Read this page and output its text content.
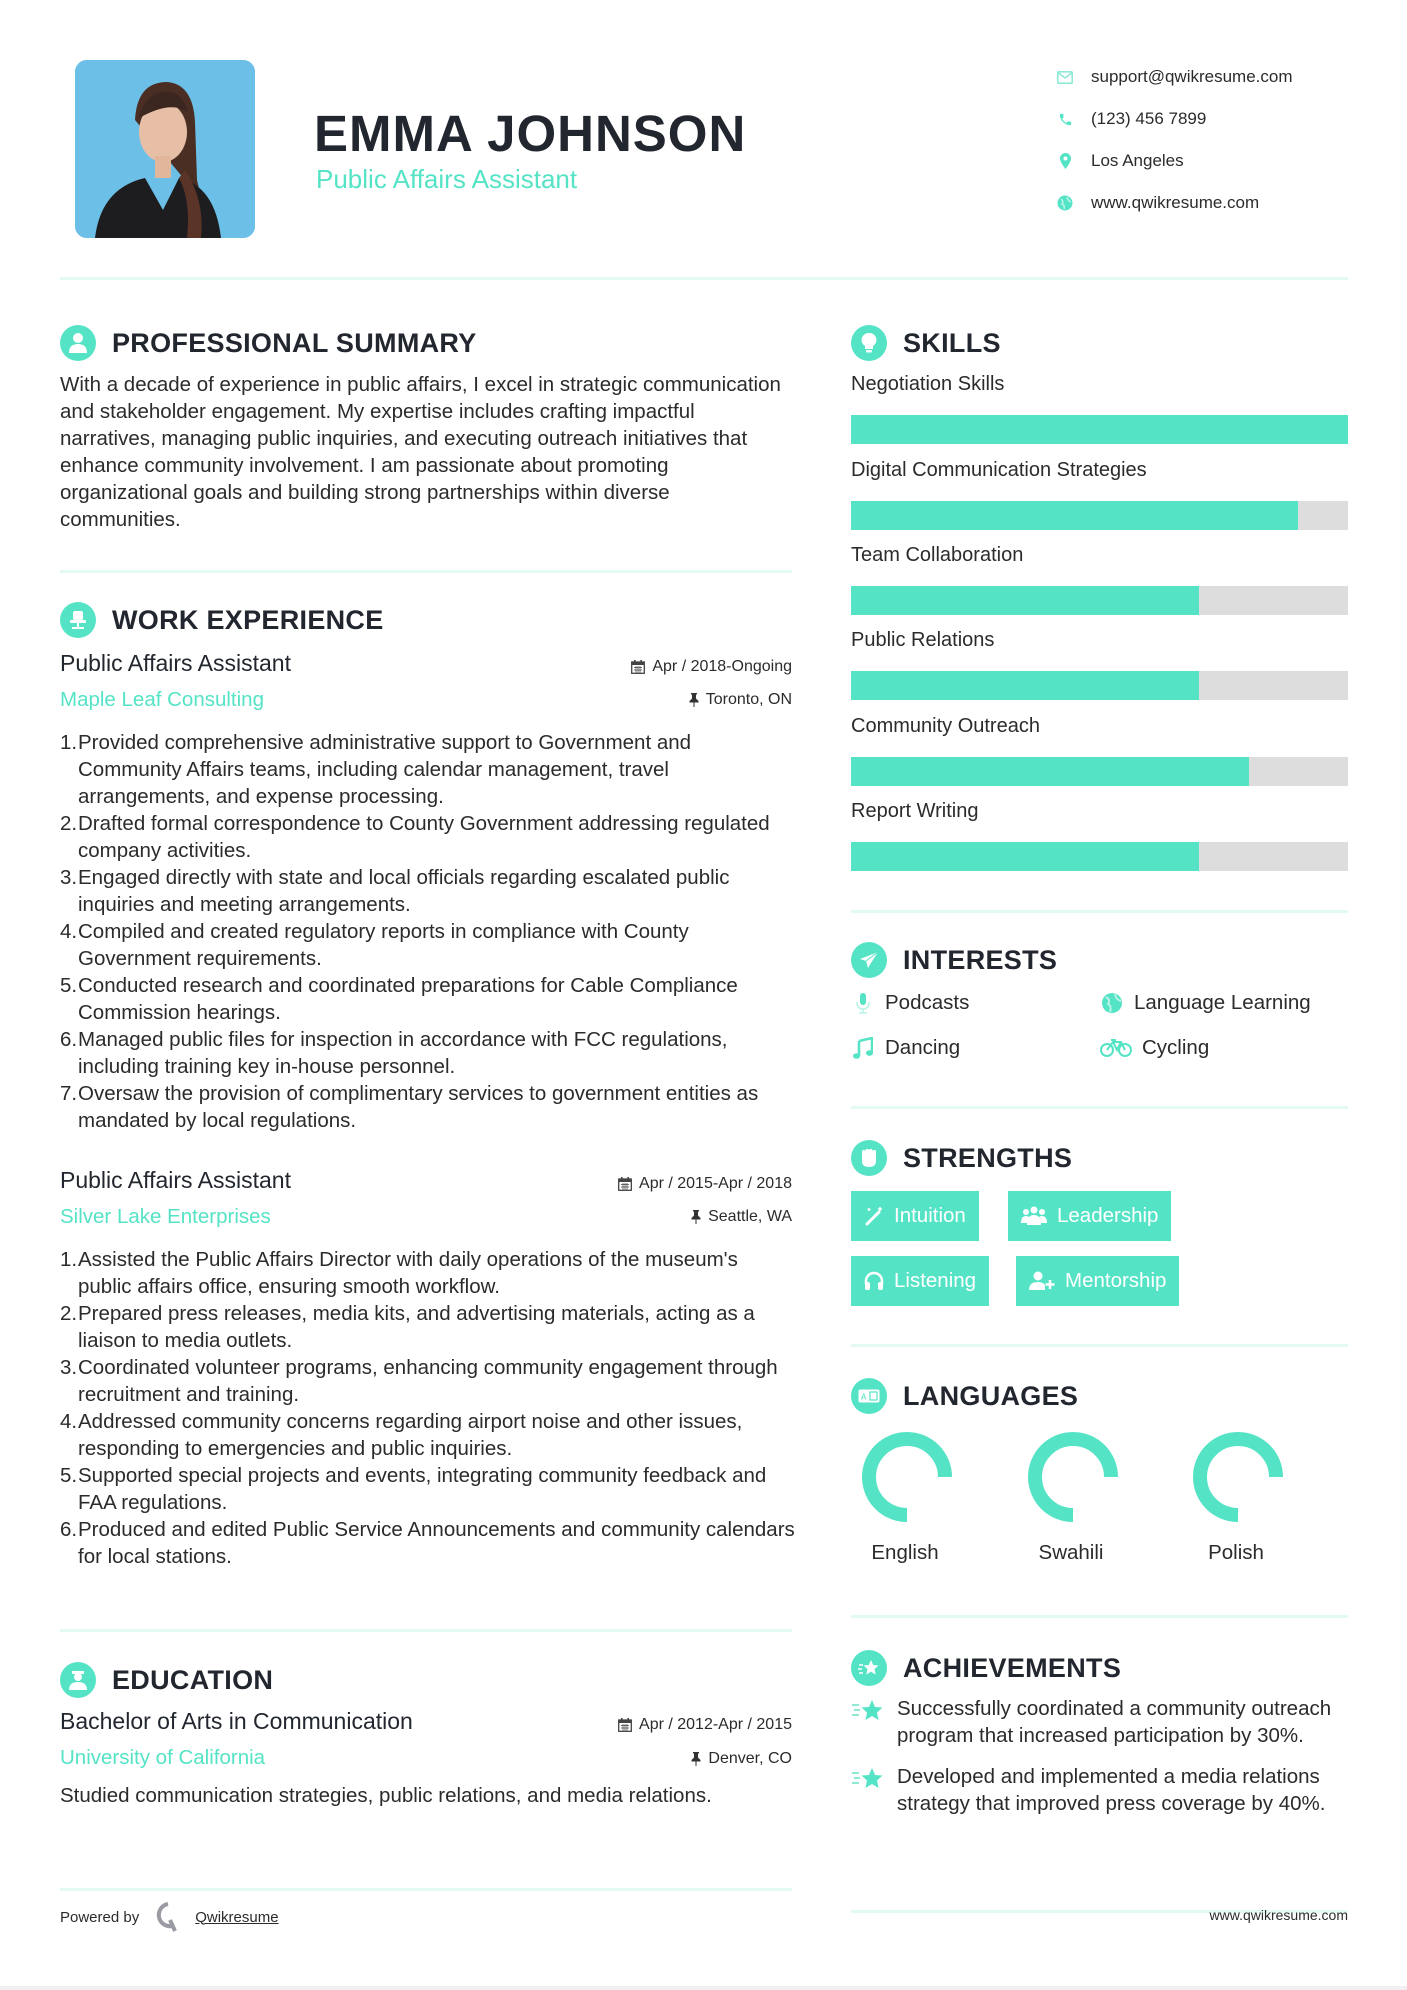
EMMA JOHNSON
Public Affairs Assistant
support@qwikresume.com
(123) 456 7899
Los Angeles
www.qwikresume.com
PROFESSIONAL SUMMARY
With a decade of experience in public affairs, I excel in strategic communication and stakeholder engagement. My expertise includes crafting impactful narratives, managing public inquiries, and executing outreach initiatives that enhance community involvement. I am passionate about promoting organizational goals and building strong partnerships within diverse communities.
WORK EXPERIENCE
Public Affairs Assistant	Apr / 2018-Ongoing
Maple Leaf Consulting	Toronto, ON
1. Provided comprehensive administrative support to Government and Community Affairs teams, including calendar management, travel arrangements, and expense processing.
2. Drafted formal correspondence to County Government addressing regulated company activities.
3. Engaged directly with state and local officials regarding escalated public inquiries and meeting arrangements.
4. Compiled and created regulatory reports in compliance with County Government requirements.
5. Conducted research and coordinated preparations for Cable Compliance Commission hearings.
6. Managed public files for inspection in accordance with FCC regulations, including training key in-house personnel.
7. Oversaw the provision of complimentary services to government entities as mandated by local regulations.
Public Affairs Assistant	Apr / 2015-Apr / 2018
Silver Lake Enterprises	Seattle, WA
1. Assisted the Public Affairs Director with daily operations of the museum's public affairs office, ensuring smooth workflow.
2. Prepared press releases, media kits, and advertising materials, acting as a liaison to media outlets.
3. Coordinated volunteer programs, enhancing community engagement through recruitment and training.
4. Addressed community concerns regarding airport noise and other issues, responding to emergencies and public inquiries.
5. Supported special projects and events, integrating community feedback and FAA regulations.
6. Produced and edited Public Service Announcements and community calendars for local stations.
EDUCATION
Bachelor of Arts in Communication	Apr / 2012-Apr / 2015
University of California	Denver, CO
Studied communication strategies, public relations, and media relations.
Powered by	Qwikresume
SKILLS
Negotiation Skills
Digital Communication Strategies
Team Collaboration
Public Relations
Community Outreach
Report Writing
INTERESTS
Podcasts	Language Learning
Dancing	Cycling
STRENGTHS
Intuition	Leadership
Listening	Mentorship
A LANGUAGES
English	Swahili	Polish
ACHIEVEMENTS
Successfully coordinated a community outreach program that increased participation by 30%.
Developed and implemented a media relations strategy that improved press coverage by 40%.
www.qwikresume.com
